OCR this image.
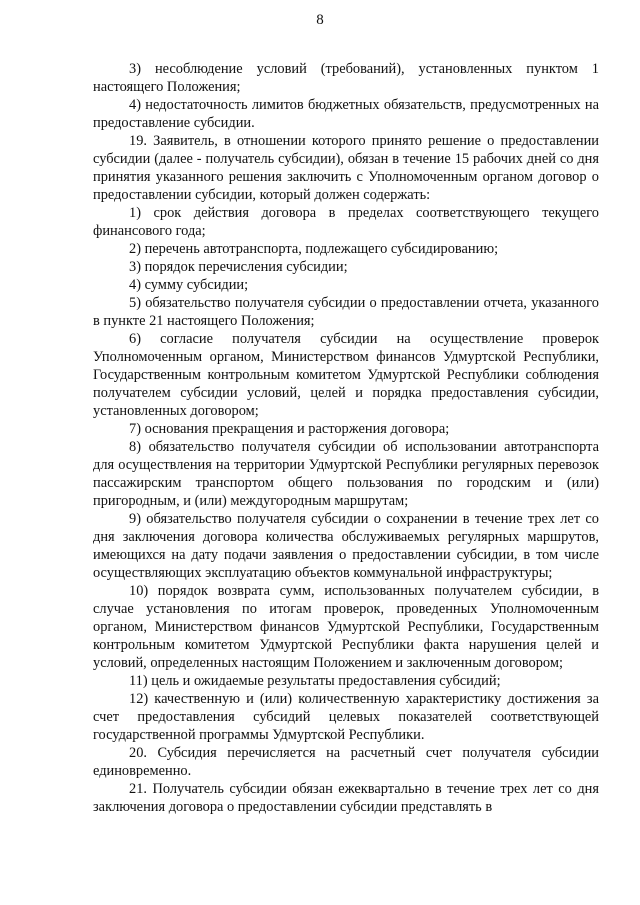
8

3) несоблюдение условий (требований), установленных пунктом 1 настоящего Положения;

4) недостаточность лимитов бюджетных обязательств, предусмотренных на предоставление субсидии.

19. Заявитель, в отношении которого принято решение о предоставлении субсидии (далее - получатель субсидии), обязан в течение 15 рабочих дней со дня принятия указанного решения заключить с Уполномоченным органом договор о предоставлении субсидии, который должен содержать:

1) срок действия договора в пределах соответствующего текущего финансового года;

2) перечень автотранспорта, подлежащего субсидированию;

3) порядок перечисления субсидии;

4) сумму субсидии;

5) обязательство получателя субсидии о предоставлении отчета, указанного в пункте 21 настоящего Положения;

6) согласие получателя субсидии на осуществление проверок Уполномоченным органом, Министерством финансов Удмуртской Республики, Государственным контрольным комитетом Удмуртской Республики соблюдения получателем субсидии условий, целей и порядка предоставления субсидии, установленных договором;

7) основания прекращения и расторжения договора;

8) обязательство получателя субсидии об использовании автотранспорта для осуществления на территории Удмуртской Республики регулярных перевозок пассажирским транспортом общего пользования по городским и (или) пригородным, и (или) междугородным маршрутам;

9) обязательство получателя субсидии о сохранении в течение трех лет со дня заключения договора количества обслуживаемых регулярных маршрутов, имеющихся на дату подачи заявления о предоставлении субсидии, в том числе осуществляющих эксплуатацию объектов коммунальной инфраструктуры;

10) порядок возврата сумм, использованных получателем субсидии, в случае установления по итогам проверок, проведенных Уполномоченным органом, Министерством финансов Удмуртской Республики, Государственным контрольным комитетом Удмуртской Республики факта нарушения целей и условий, определенных настоящим Положением и заключенным договором;

11) цель и ожидаемые результаты предоставления субсидий;

12) качественную и (или) количественную характеристику достижения за счет предоставления субсидий целевых показателей соответствующей государственной программы Удмуртской Республики.

20. Субсидия перечисляется на расчетный счет получателя субсидии единовременно.

21. Получатель субсидии обязан ежеквартально в течение трех лет со дня заключения договора о предоставлении субсидии представлять в
